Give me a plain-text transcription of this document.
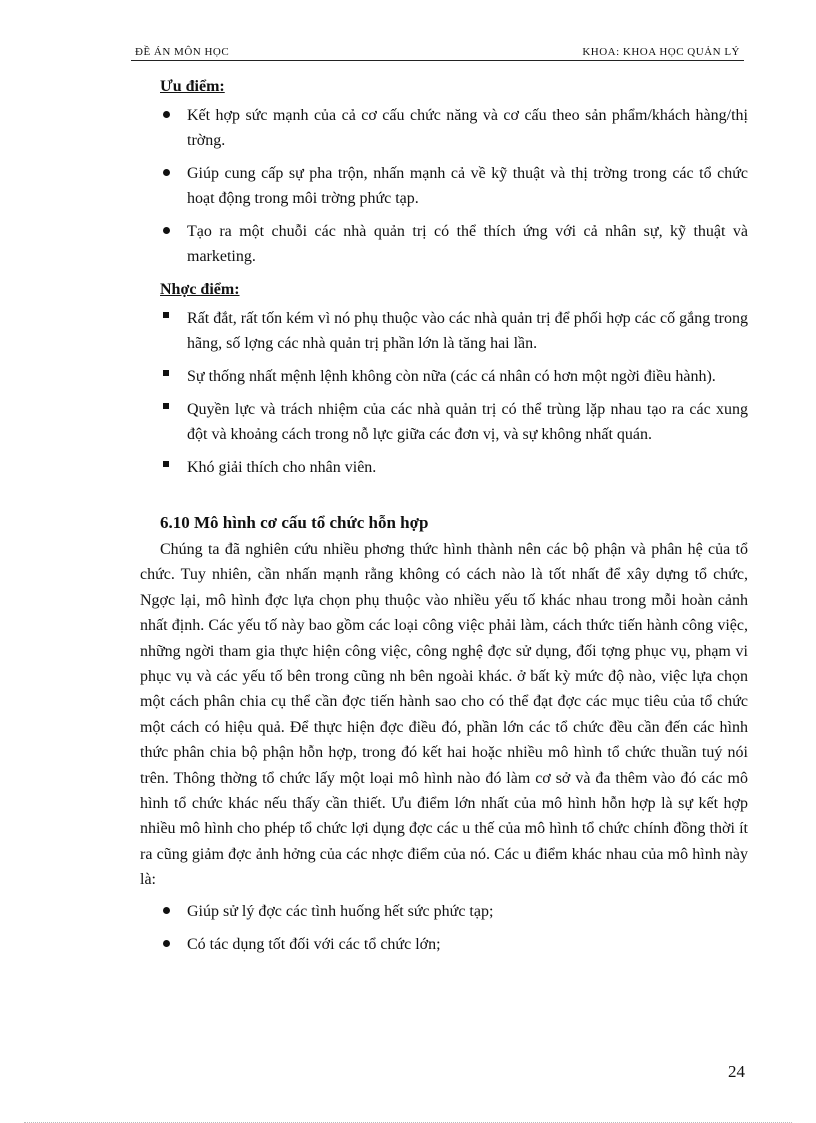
ĐỀ ÁN MÔN HỌC	KHOA: KHOA HỌC QUẢN LÝ

Ưu điểm:

Kết hợp sức mạnh của cả cơ cấu chức năng và cơ cấu theo sản phẩm/khách hàng/thị trờng.
Giúp cung cấp sự pha trộn, nhấn mạnh cả về kỹ thuật và thị trờng trong các tổ chức hoạt động trong môi trờng phức tạp.
Tạo ra một chuỗi các nhà quản trị có thể thích ứng với cả nhân sự, kỹ thuật và marketing.

Nhợc điểm:

Rất đắt, rất tốn kém vì nó phụ thuộc vào các nhà quản trị để phối hợp các cố gắng trong hãng, số lợng các nhà quản trị phần lớn là tăng hai lần.
Sự thống nhất mệnh lệnh không còn nữa (các cá nhân có hơn một ngời điều hành).
Quyền lực và trách nhiệm của các nhà quản trị có thể trùng lặp nhau tạo ra các xung đột và khoảng cách trong nỗ lực giữa các đơn vị, và sự không nhất quán.
Khó giải thích cho nhân viên.
6.10 Mô hình cơ cấu tổ chức hỗn hợp

Chúng ta đã nghiên cứu nhiều phơng thức hình thành nên các bộ phận và phân hệ của tổ chức. Tuy nhiên, cần nhấn mạnh rằng không có cách nào là tốt nhất để xây dựng tổ chức, Ngợc lại, mô hình đợc lựa chọn phụ thuộc vào nhiều yếu tố khác nhau trong mỗi hoàn cảnh nhất định. Các yếu tố này bao gồm các loại công việc phải làm, cách thức tiến hành công việc, những ngời tham gia thực hiện công việc, công nghệ đợc sử dụng, đối tợng phục vụ, phạm vi phục vụ và các yếu tố bên trong cũng nh bên ngoài khác. ở bất kỳ mức độ nào, việc lựa chọn một cách phân chia cụ thể cần đợc tiến hành sao cho có thể đạt đợc các mục tiêu của tổ chức một cách có hiệu quả. Để thực hiện đợc điều đó, phần lớn các tổ chức đều cần đến các hình thức phân chia bộ phận hỗn hợp, trong đó kết hai hoặc nhiều mô hình tổ chức thuần tuý nói trên. Thông thờng tổ chức lấy một loại mô hình nào đó làm cơ sở và đa thêm vào đó các mô hình tổ chức khác nếu thấy cần thiết. Ưu điểm lớn nhất của mô hình hỗn hợp là sự kết hợp nhiều mô hình cho phép tổ chức lợi dụng đợc các u thế của mô hình tổ chức chính đồng thời ít ra cũng giảm đợc ảnh hởng của các nhợc điểm của nó. Các u điểm khác nhau của mô hình này là:

Giúp sử lý đợc các tình huống hết sức phức tạp;
Có tác dụng tốt đối với các tổ chức lớn;
24
